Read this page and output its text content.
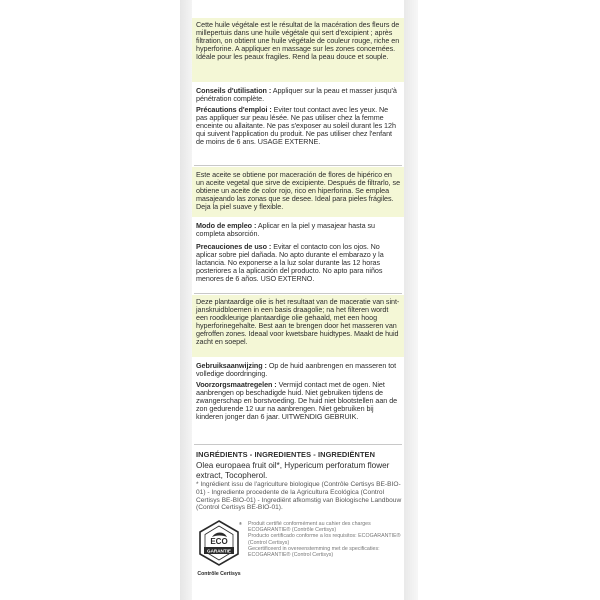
Cette huile végétale est le résultat de la macération des fleurs de millepertuis dans une huile végétale qui sert d'excipient ; après filtration, on obtient une huile végétale de couleur rouge, riche en hyperforine. A appliquer en massage sur les zones concernées. Idéale pour les peaux fragiles. Rend la peau douce et souple.

Conseils d'utilisation : Appliquer sur la peau et masser jusqu'à pénétration complète.

Précautions d'emploi : Eviter tout contact avec les yeux. Ne pas appliquer sur peau lésée. Ne pas utiliser chez la femme enceinte ou allaitante. Ne pas s'exposer au soleil durant les 12h qui suivent l'application du produit. Ne pas utiliser chez l'enfant de moins de 6 ans. USAGE EXTERNE.

Este aceite se obtiene por maceración de flores de hipérico en un aceite vegetal que sirve de excipiente. Después de filtrarlo, se obtiene un aceite de color rojo, rico en hiperforina. Se emplea masajeando las zonas que se desee. Ideal para pieles frágiles. Deja la piel suave y flexible.

Modo de empleo : Aplicar en la piel y masajear hasta su completa absorción.

Precauciones de uso : Evitar el contacto con los ojos. No aplicar sobre piel dañada. No apto durante el embarazo y la lactancia. No exponerse a la luz solar durante las 12 horas posteriores a la aplicación del producto. No apto para niños menores de 6 años. USO EXTERNO.

Deze plantaardige olie is het resultaat van de maceratie van sint-janskruidbloemen in een basis draagolie; na het filteren wordt een roodkleurige plantaardige olie gehaald, met een hoog hyperforinegehalte. Best aan te brengen door het masseren van gefroffen zones. Ideaal voor kwetsbare huidtypes. Maakt de huid zacht en soepel.

Gebruiksaanwijzing : Op de huid aanbrengen en masseren tot volledige doordringing.

Voorzorgsmaatregelen : Vermijd contact met de ogen. Niet aanbrengen op beschadigde huid. Niet gebruiken tijdens de zwangerschap en borstvoeding. De huid niet blootstellen aan de zon gedurende 12 uur na aanbrengen. Niet gebruiken bij kinderen jonger dan 6 jaar. UITWENDIG GEBRUIK.

INGRÉDIENTS - INGREDIENTES - INGREDIËNTEN
Olea europaea fruit oil*, Hypericum perforatum flower extract, Tocopherol.
* Ingrédient issu de l'agriculture biologique (Contrôle Certisys BE-BIO-01) - Ingrediente procedente de la Agricultura Ecológica (Control Certisys BE-BIO-01) - Ingrediënt afkomstig van Biologische Landbouw (Control Certisys BE-BIO-01).
ECO
GARANTIE
®
Contrôle Certisys
Produit certifié conformément au cahier des charges ECOGARANTIE® (Contrôle Certisys)
Producto certificado conforme a los requisitos: ECOGARANTIE® (Control Certisys)
Gecertificeerd in overeenstemming met de specificaties: ECOGARANTIE® (Control Certisys)
